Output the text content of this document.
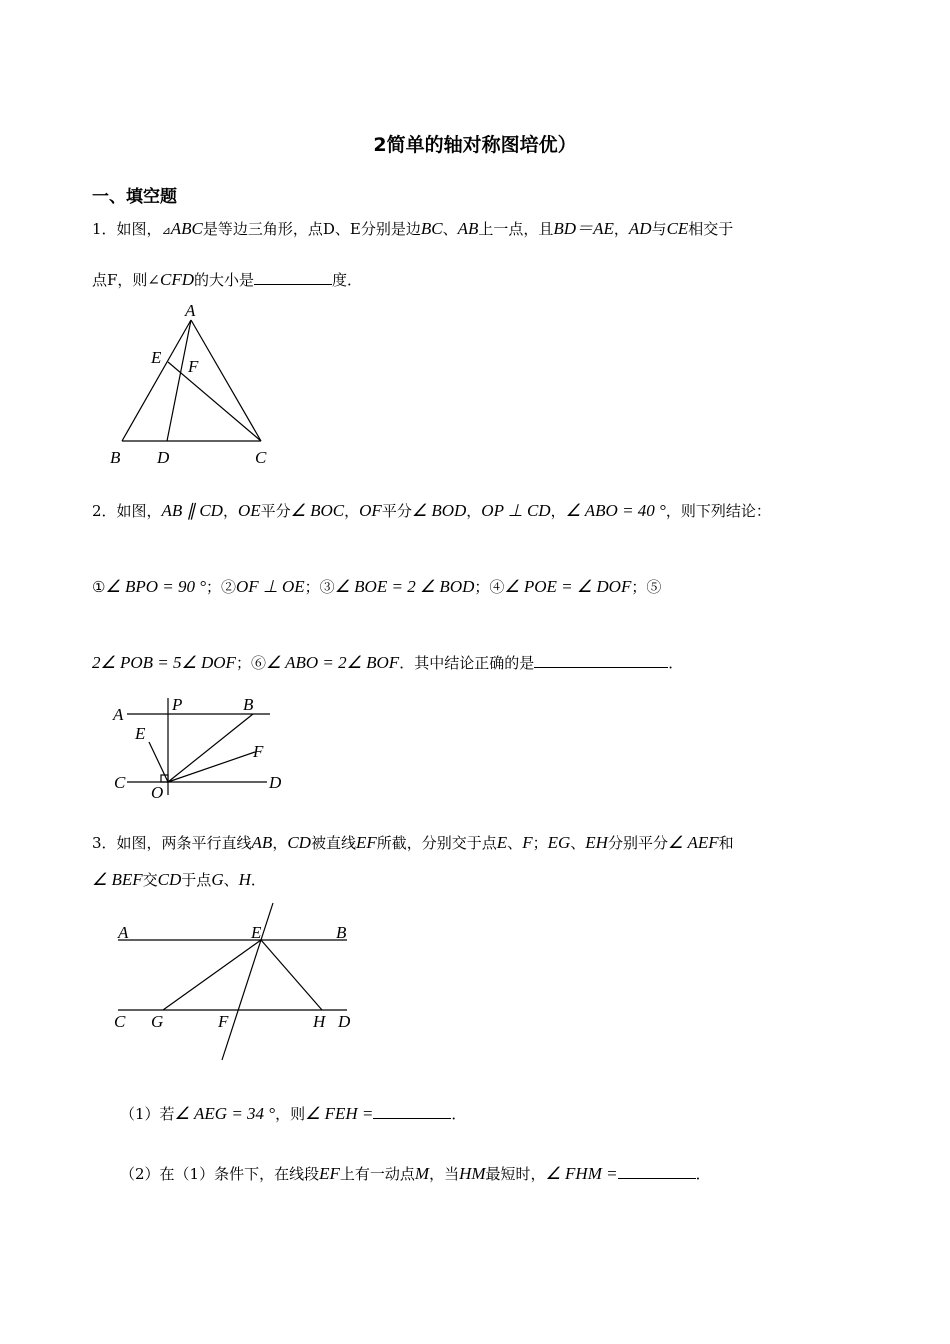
2简单的轴对称图培优）
一、填空题
1．如图，⊿ABC是等边三角形，点D、E分别是边BC、AB上一点，且BD＝AE，AD与CE相交于
点F，则∠CFD的大小是	度．
A
B D	C
E F
2．如图，AB ∥ CD，OE平分∠ BOC，OF平分∠ BOD，OP ⊥ CD，∠ ABO = 40 °，则下列结论：
①∠ BPO = 90 °；②OF ⊥ OE；③∠ BOE = 2 ∠ BOD；④∠ POE = ∠ DOF；⑤
2∠ POB = 5∠ DOF；⑥∠ ABO = 2∠ BOF．其中结论正确的是	．
A
P	B
E
F
C
O
D
3．如图，两条平行直线AB，CD被直线EF所截，分别交于点E、F；EG、EH分别平分∠ AEF和
∠ BEF交CD于点G、H．
A	E	B
C G	F	H D
（1）若∠ AEG = 34 °，则∠ FEH =	．
（2）在（1）条件下，在线段EF上有一动点M，当HM最短时，∠ FHM =	．
